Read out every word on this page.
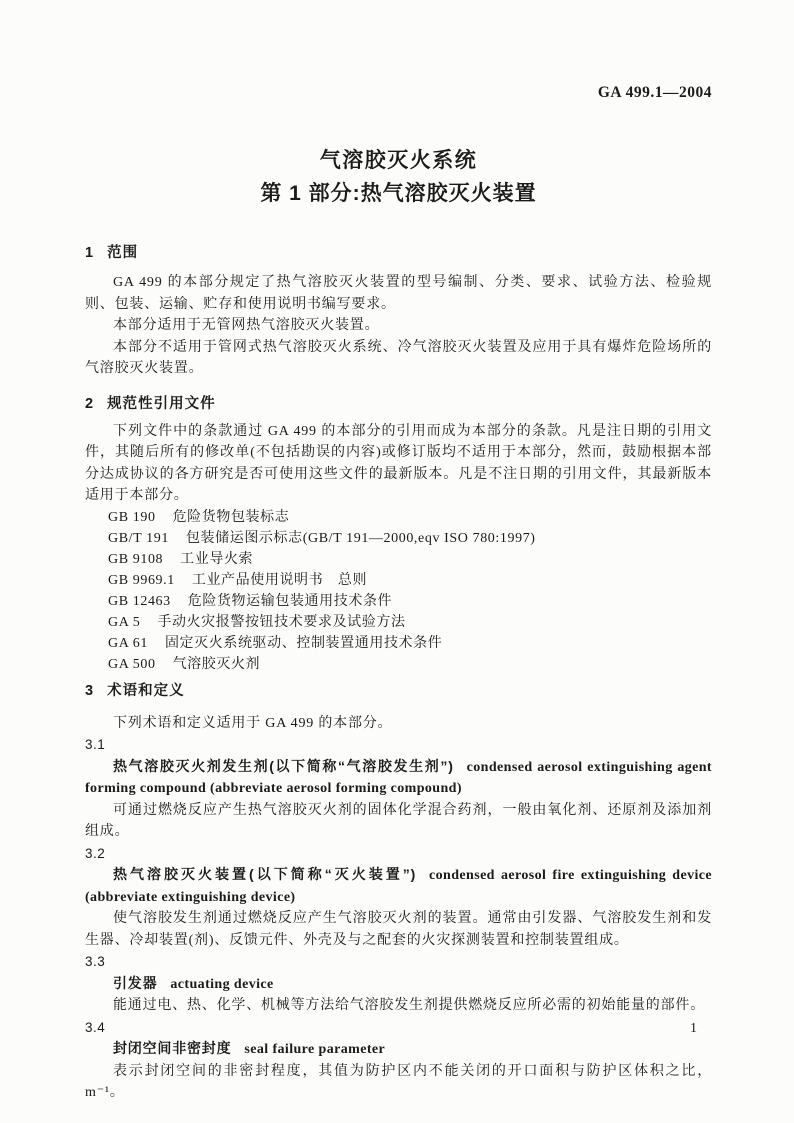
GA 499.1—2004
气溶胶灭火系统
第 1 部分:热气溶胶灭火装置
1 范围

GA 499 的本部分规定了热气溶胶灭火装置的型号编制、分类、要求、试验方法、检验规则、包装、运输、贮存和使用说明书编写要求。

本部分适用于无管网热气溶胶灭火装置。

本部分不适用于管网式热气溶胶灭火系统、冷气溶胶灭火装置及应用于具有爆炸危险场所的气溶胶灭火装置。

2 规范性引用文件

下列文件中的条款通过 GA 499 的本部分的引用而成为本部分的条款。凡是注日期的引用文件，其随后所有的修改单(不包括勘误的内容)或修订版均不适用于本部分，然而，鼓励根据本部分达成协议的各方研究是否可使用这些文件的最新版本。凡是不注日期的引用文件，其最新版本适用于本部分。

GB 190 危险货物包装标志

GB/T 191 包装储运图示标志(GB/T 191—2000,eqv ISO 780:1997)

GB 9108 工业导火索

GB 9969.1 工业产品使用说明书　总则

GB 12463 危险货物运输包装通用技术条件

GA 5 手动火灾报警按钮技术要求及试验方法

GA 61 固定灭火系统驱动、控制装置通用技术条件

GA 500 气溶胶灭火剂

3 术语和定义

下列术语和定义适用于 GA 499 的本部分。

3.1

热气溶胶灭火剂发生剂(以下简称“气溶胶发生剂”) condensed aerosol extinguishing agent forming compound (abbreviate aerosol forming compound)

可通过燃烧反应产生热气溶胶灭火剂的固体化学混合药剂，一般由氧化剂、还原剂及添加剂组成。

3.2

热气溶胶灭火装置(以下简称“灭火装置”) condensed aerosol fire extinguishing device (abbreviate extinguishing device)

使气溶胶发生剂通过燃烧反应产生气溶胶灭火剂的装置。通常由引发器、气溶胶发生剂和发生器、冷却装置(剂)、反馈元件、外壳及与之配套的火灾探测装置和控制装置组成。

3.3

引发器 actuating device

能通过电、热、化学、机械等方法给气溶胶发生剂提供燃烧反应所必需的初始能量的部件。

3.4

封闭空间非密封度 seal failure parameter

表示封闭空间的非密封程度，其值为防护区内不能关闭的开口面积与防护区体积之比，m⁻¹。

1
